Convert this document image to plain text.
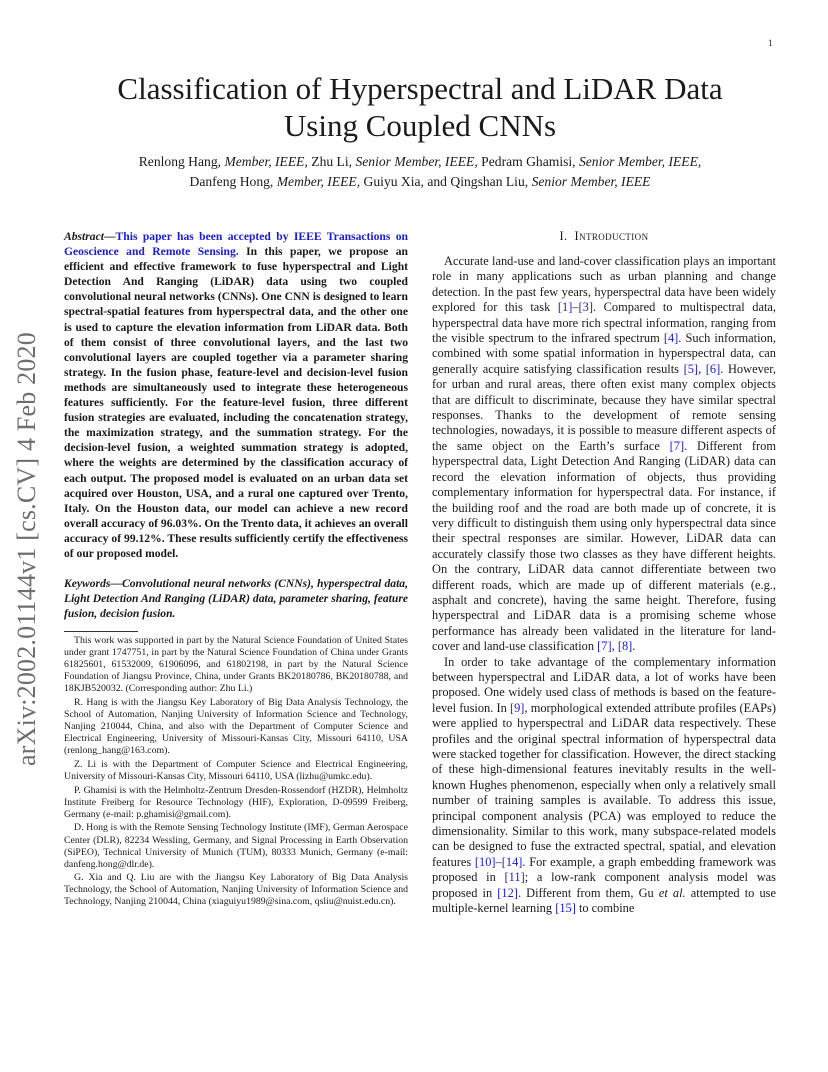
1
arXiv:2002.01144v1 [cs.CV] 4 Feb 2020
Classification of Hyperspectral and LiDAR Data
Using Coupled CNNs
Renlong Hang, Member, IEEE, Zhu Li, Senior Member, IEEE, Pedram Ghamisi, Senior Member, IEEE,
Danfeng Hong, Member, IEEE, Guiyu Xia, and Qingshan Liu, Senior Member, IEEE

Abstract—This paper has been accepted by IEEE Transactions on Geoscience and Remote Sensing. In this paper, we propose an efficient and effective framework to fuse hyperspectral and Light Detection And Ranging (LiDAR) data using two coupled convolutional neural networks (CNNs). One CNN is designed to learn spectral-spatial features from hyperspectral data, and the other one is used to capture the elevation information from LiDAR data. Both of them consist of three convolutional layers, and the last two convolutional layers are coupled together via a parameter sharing strategy. In the fusion phase, feature-level and decision-level fusion methods are simultaneously used to integrate these heterogeneous features sufficiently. For the feature-level fusion, three different fusion strategies are evaluated, including the concatenation strategy, the maximization strategy, and the summation strategy. For the decision-level fusion, a weighted summation strategy is adopted, where the weights are determined by the classification accuracy of each output. The proposed model is evaluated on an urban data set acquired over Houston, USA, and a rural one captured over Trento, Italy. On the Houston data, our model can achieve a new record overall accuracy of 96.03%. On the Trento data, it achieves an overall accuracy of 99.12%. These results sufficiently certify the effectiveness of our proposed model.

Keywords—Convolutional neural networks (CNNs), hyperspectral data, Light Detection And Ranging (LiDAR) data, parameter sharing, feature fusion, decision fusion.

This work was supported in part by the Natural Science Foundation of United States under grant 1747751, in part by the Natural Science Foundation of China under Grants 61825601, 61532009, 61906096, and 61802198, in part by the Natural Science Foundation of Jiangsu Province, China, under Grants BK20180786, BK20180788, and 18KJB520032. (Corresponding author: Zhu Li.)

R. Hang is with the Jiangsu Key Laboratory of Big Data Analysis Technology, the School of Automation, Nanjing University of Information Science and Technology, Nanjing 210044, China, and also with the Department of Computer Science and Electrical Engineering, University of Missouri-Kansas City, Missouri 64110, USA (renlong_hang@163.com).

Z. Li is with the Department of Computer Science and Electrical Engineering, University of Missouri-Kansas City, Missouri 64110, USA (lizhu@umkc.edu).

P. Ghamisi is with the Helmholtz-Zentrum Dresden-Rossendorf (HZDR), Helmholtz Institute Freiberg for Resource Technology (HIF), Exploration, D-09599 Freiberg, Germany (e-mail: p.ghamisi@gmail.com).

D. Hong is with the Remote Sensing Technology Institute (IMF), German Aerospace Center (DLR), 82234 Wessling, Germany, and Signal Processing in Earth Observation (SiPEO), Technical University of Munich (TUM), 80333 Munich, Germany (e-mail: danfeng.hong@dlr.de).

G. Xia and Q. Liu are with the Jiangsu Key Laboratory of Big Data Analysis Technology, the School of Automation, Nanjing University of Information Science and Technology, Nanjing 210044, China (xiaguiyu1989@sina.com, qsliu@nuist.edu.cn).

I. Introduction

Accurate land-use and land-cover classification plays an important role in many applications such as urban planning and change detection. In the past few years, hyperspectral data have been widely explored for this task [1]–[3]. Compared to multispectral data, hyperspectral data have more rich spectral information, ranging from the visible spectrum to the infrared spectrum [4]. Such information, combined with some spatial information in hyperspectral data, can generally acquire satisfying classification results [5], [6]. However, for urban and rural areas, there often exist many complex objects that are difficult to discriminate, because they have similar spectral responses. Thanks to the development of remote sensing technologies, nowadays, it is possible to measure different aspects of the same object on the Earth’s surface [7]. Different from hyperspectral data, Light Detection And Ranging (LiDAR) data can record the elevation information of objects, thus providing complementary information for hyperspectral data. For instance, if the building roof and the road are both made up of concrete, it is very difficult to distinguish them using only hyperspectral data since their spectral responses are similar. However, LiDAR data can accurately classify those two classes as they have different heights. On the contrary, LiDAR data cannot differentiate between two different roads, which are made up of different materials (e.g., asphalt and concrete), having the same height. Therefore, fusing hyperspectral and LiDAR data is a promising scheme whose performance has already been validated in the literature for land-cover and land-use classification [7], [8].

In order to take advantage of the complementary information between hyperspectral and LiDAR data, a lot of works have been proposed. One widely used class of methods is based on the feature-level fusion. In [9], morphological extended attribute profiles (EAPs) were applied to hyperspectral and LiDAR data respectively. These profiles and the original spectral information of hyperspectral data were stacked together for classification. However, the direct stacking of these high-dimensional features inevitably results in the well-known Hughes phenomenon, especially when only a relatively small number of training samples is available. To address this issue, principal component analysis (PCA) was employed to reduce the dimensionality. Similar to this work, many subspace-related models can be designed to fuse the extracted spectral, spatial, and elevation features [10]–[14]. For example, a graph embedding framework was proposed in [11]; a low-rank component analysis model was proposed in [12]. Different from them, Gu et al. attempted to use multiple-kernel learning [15] to combine
